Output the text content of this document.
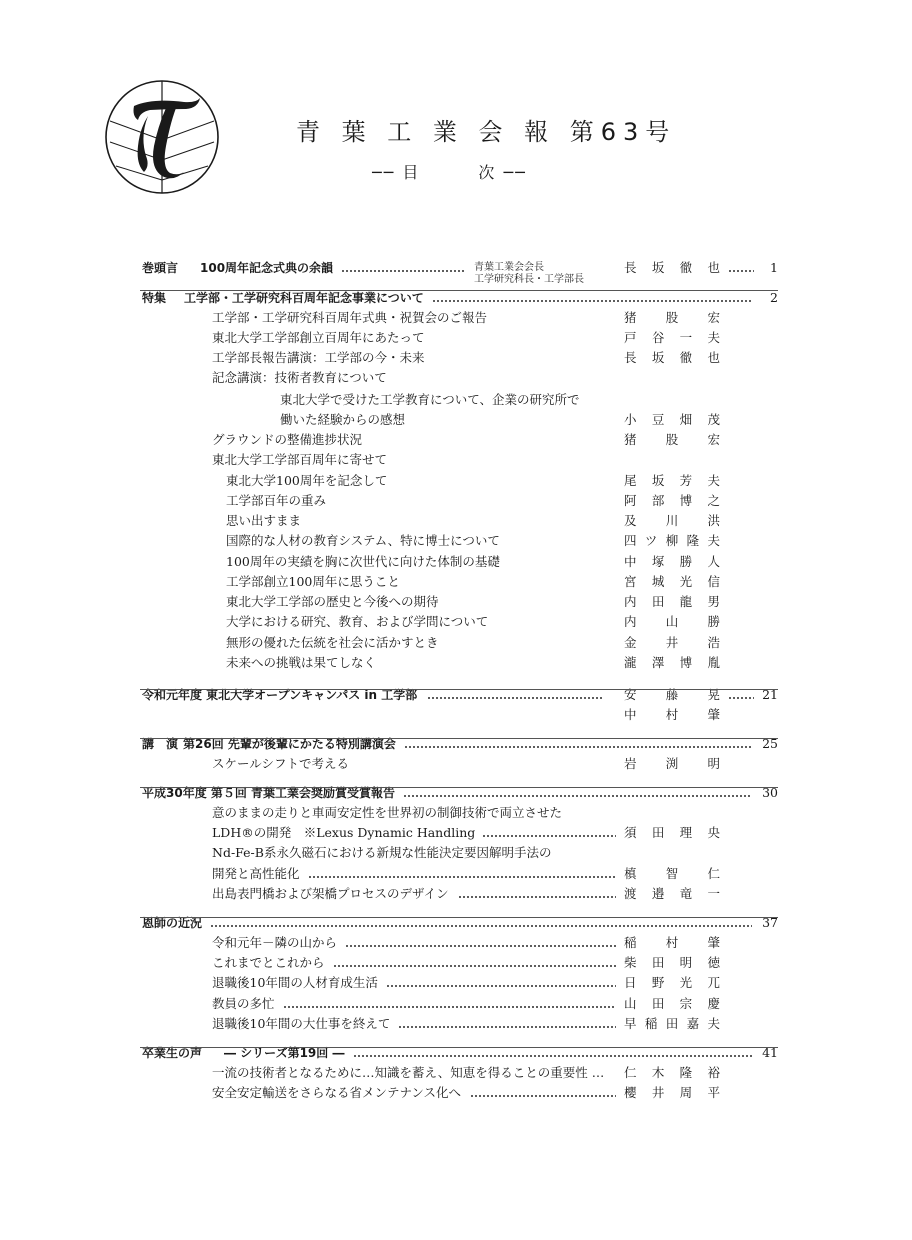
青 葉 工 業 会 報 第63号
── 目	次 ──
青葉工業会会長
工学研究科長・工学部長
巻頭言 100周年記念式典の余韻	長 坂 徹 也	1
特集 工学部・工学研究科百周年記念事業について	2
工学部・工学研究科百周年式典・祝賀会のご報告	猪 股 宏
東北大学工学部創立百周年にあたって	戸 谷 一 夫
工学部長報告講演：工学部の今・未来	長 坂 徹 也
記念講演：技術者教育について
東北大学で受けた工学教育について、企業の研究所で
働いた経験からの感想	小 豆 畑 茂
グラウンドの整備進捗状況	猪 股 宏
東北大学工学部百周年に寄せて
東北大学100周年を記念して	尾 坂 芳 夫
工学部百年の重み	阿 部 博 之
思い出すまま	及 川 洪
国際的な人材の教育システム、特に博士について	四 ツ 柳 隆 夫
100周年の実績を胸に次世代に向けた体制の基礎	中 塚 勝 人
工学部創立100周年に思うこと	宮 城 光 信
東北大学工学部の歴史と今後への期待	内 田 龍 男
大学における研究、教育、および学問について	内 山 勝
無形の優れた伝統を社会に活かすとき	金 井 浩
未来への挑戦は果てしなく	瀧 澤 博 胤
令和元年度 東北大学オープンキャンパス in 工学部	安 藤 晃	21
中 村 肇
講　演 第26回 先輩が後輩にかたる特別講演会	25
スケールシフトで考える	岩 渕 明
平成30年度 第５回 青葉工業会奨励賞受賞報告	30
意のままの走りと車両安定性を世界初の制御技術で両立させた
LDH®の開発　※Lexus Dynamic Handling	須 田 理 央
Nd-Fe-B系永久磁石における新規な性能決定要因解明手法の
開発と高性能化	槙 智 仁
出島表門橋および架橋プロセスのデザイン	渡 邉 竜 一
恩師の近況	37
令和元年－隣の山から	稲 村 肇
これまでとこれから	柴 田 明 徳
退職後10年間の人材育成生活	日 野 光 兀
教員の多忙	山 田 宗 慶
退職後10年間の大仕事を終えて	早 稲 田 嘉 夫
卒業生の声 ― シリーズ第19回 ―	41
一流の技術者となるために…知識を蓄え、知恵を得ることの重要性 … 仁 木 隆 裕
安全安定輸送をさらなる省メンテナンス化へ	櫻 井 周 平
